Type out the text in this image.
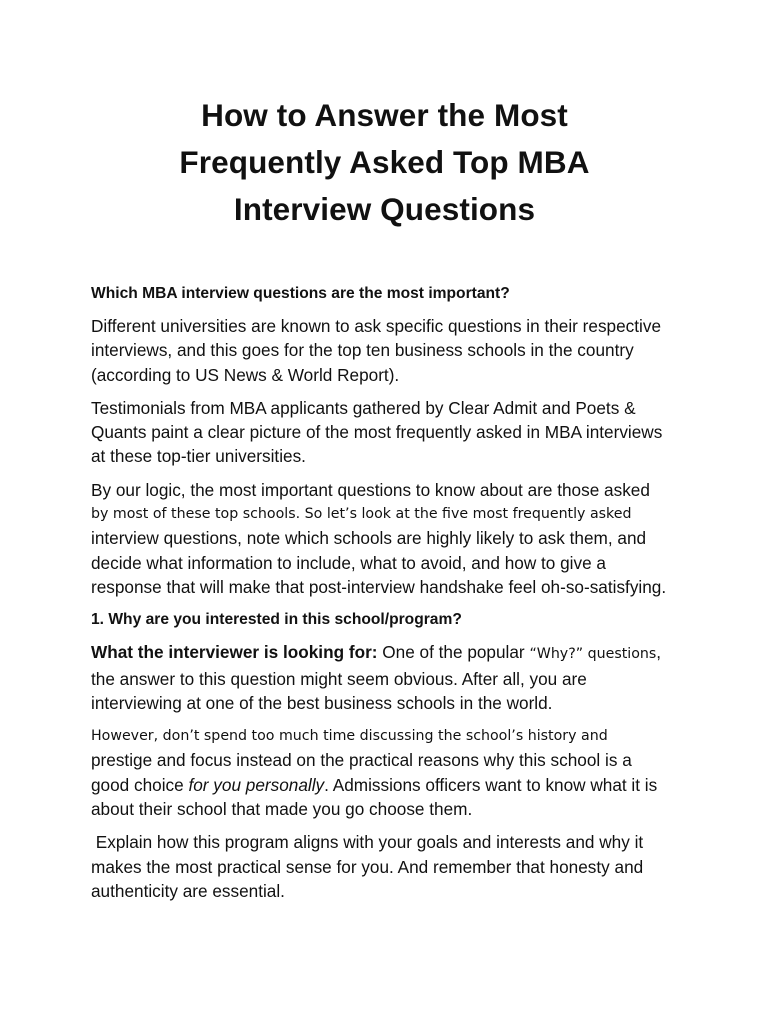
How to Answer the Most
Frequently Asked Top MBA
Interview Questions

Which MBA interview questions are the most important?

Different universities are known to ask specific questions in their respective
interviews, and this goes for the top ten business schools in the country
(according to US News & World Report).

Testimonials from MBA applicants gathered by Clear Admit and Poets &
Quants paint a clear picture of the most frequently asked in MBA interviews
at these top-tier universities.

By our logic, the most important questions to know about are those asked
by most of these top schools. So let’s look at the five most frequently asked
interview questions, note which schools are highly likely to ask them, and
decide what information to include, what to avoid, and how to give a
response that will make that post-interview handshake feel oh-so-satisfying.

1. Why are you interested in this school/program?

What the interviewer is looking for: One of the popular “Why?” questions,
the answer to this question might seem obvious. After all, you are
interviewing at one of the best business schools in the world.

However, don’t spend too much time discussing the school’s history and
prestige and focus instead on the practical reasons why this school is a
good choice for you personally. Admissions officers want to know what it is
about their school that made you go choose them.

Explain how this program aligns with your goals and interests and why it
makes the most practical sense for you. And remember that honesty and
authenticity are essential.
